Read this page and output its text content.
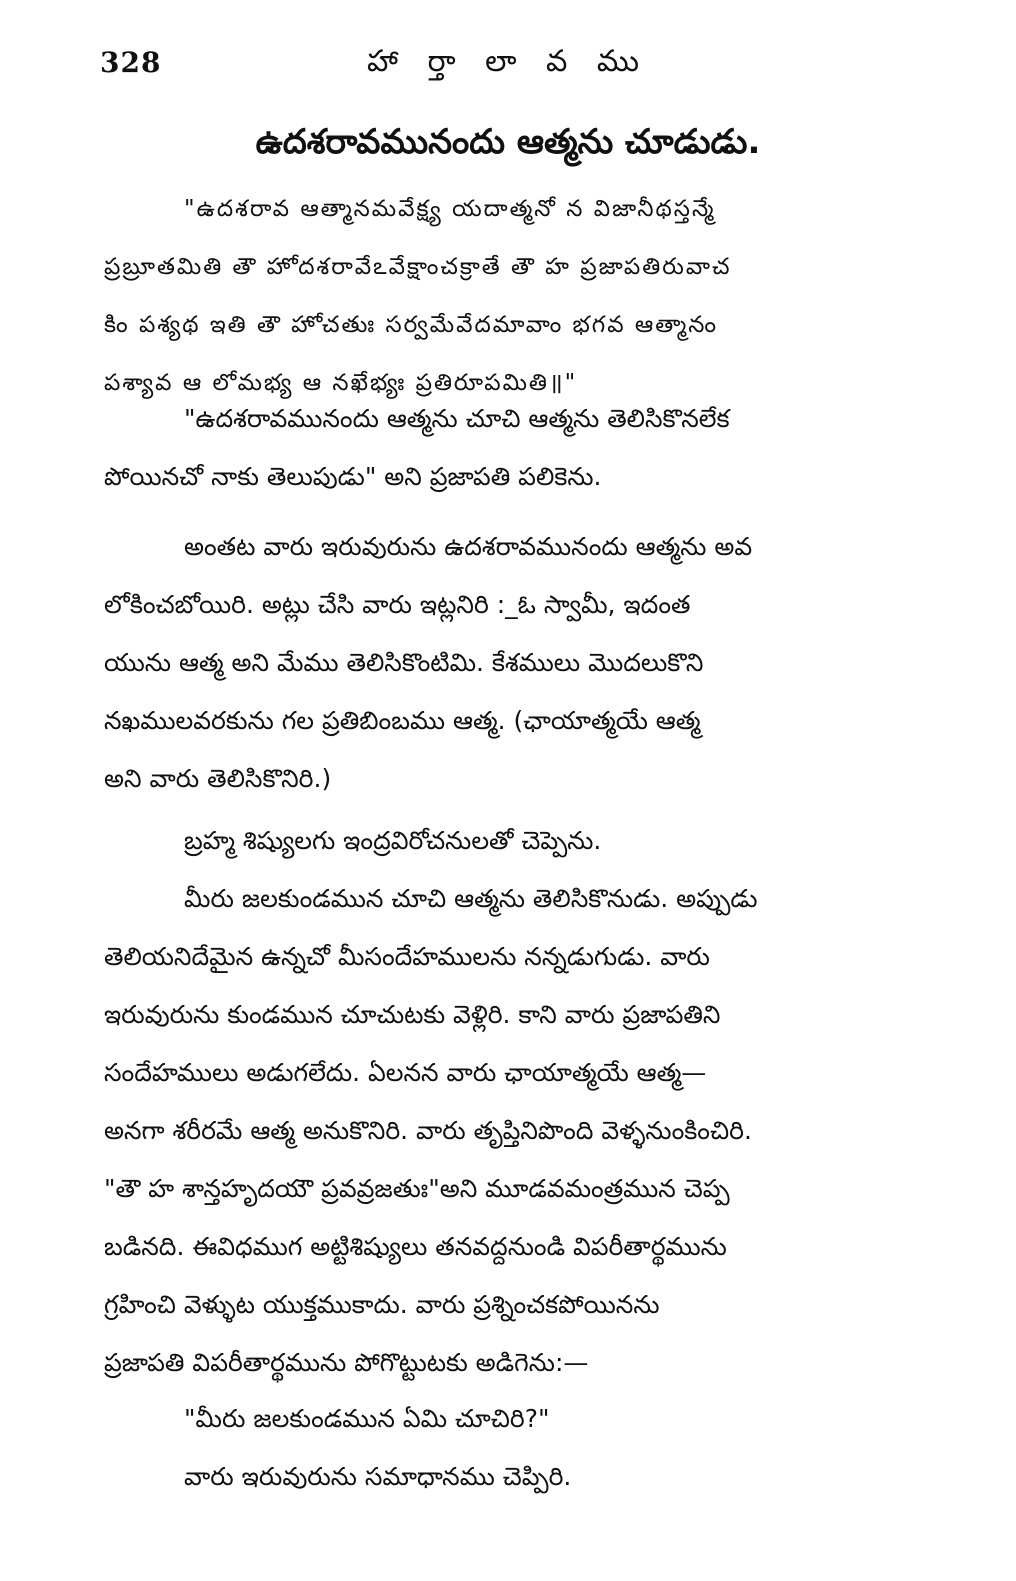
328	హా ర్తా లా వ ము
ఉదశరావమునందు ఆత్మను చూడుడు.
"ఉదశరావ ఆత్మానమవేక్ష్య యదాత్మనో న విజానీథస్తన్మే
ప్రబ్రూతమితి తౌ హోదశరావేఽవేక్షాంచక్రాతే తౌ హ ప్రజాపతిరువాచ
కిం పశ్యథ ఇతి తౌ హోచతుః సర్వమేవేదమావాం భగవ ఆత్మానం
పశ్యావ ఆ లోమభ్య ఆ నఖేభ్యః ప్రతిరూపమితి॥"
"ఉదశరావమునందు ఆత్మను చూచి ఆత్మను తెలిసికొనలేక
పోయినచో నాకు తెలుపుడు" అని ప్రజాపతి పలికెను.
అంతట వారు ఇరువురును ఉదశరావమునందు ఆత్మను అవ
లోకించబోయిరి. అట్లు చేసి వారు ఇట్లనిరి :_ఓ స్వామీ, ఇదంత
యును ఆత్మ అని మేము తెలిసికొంటిమి. కేశములు మొదలుకొని
నఖములవరకును గల ప్రతిబింబము ఆత్మ. (ఛాయాత్మయే ఆత్మ
అని వారు తెలిసికొనిరి.)
బ్రహ్మ శిష్యులగు ఇంద్రవిరోచనులతో చెప్పెను.
మీరు జలకుండమున చూచి ఆత్మను తెలిసికొనుడు. అప్పుడు
తెలియనిదేమైన ఉన్నచో మీసందేహములను నన్నడుగుడు. వారు
ఇరువురును కుండమున చూచుటకు వెళ్లిరి. కాని వారు ప్రజాపతిని
సందేహములు అడుగలేదు. ఏలనన వారు ఛాయాత్మయే ఆత్మ—
అనగా శరీరమే ఆత్మ అనుకొనిరి. వారు తృప్తినిపొంది వెళ్ళనుంకించిరి.
"తౌ హ శాన్తహృదయౌ ప్రవవ్రజతుః"అని మూడవమంత్రమున చెప్ప
బడినది. ఈవిధముగ అట్టిశిష్యులు తనవద్దనుండి విపరీతార్థమును
గ్రహించి వెళ్ళుట యుక్తముకాదు. వారు ప్రశ్నించకపోయినను
ప్రజాపతి విపరీతార్థమును పోగొట్టుటకు అడిగెను:—
"మీరు జలకుండమున ఏమి చూచిరి?"
వారు ఇరువురును సమాధానము చెప్పిరి.
